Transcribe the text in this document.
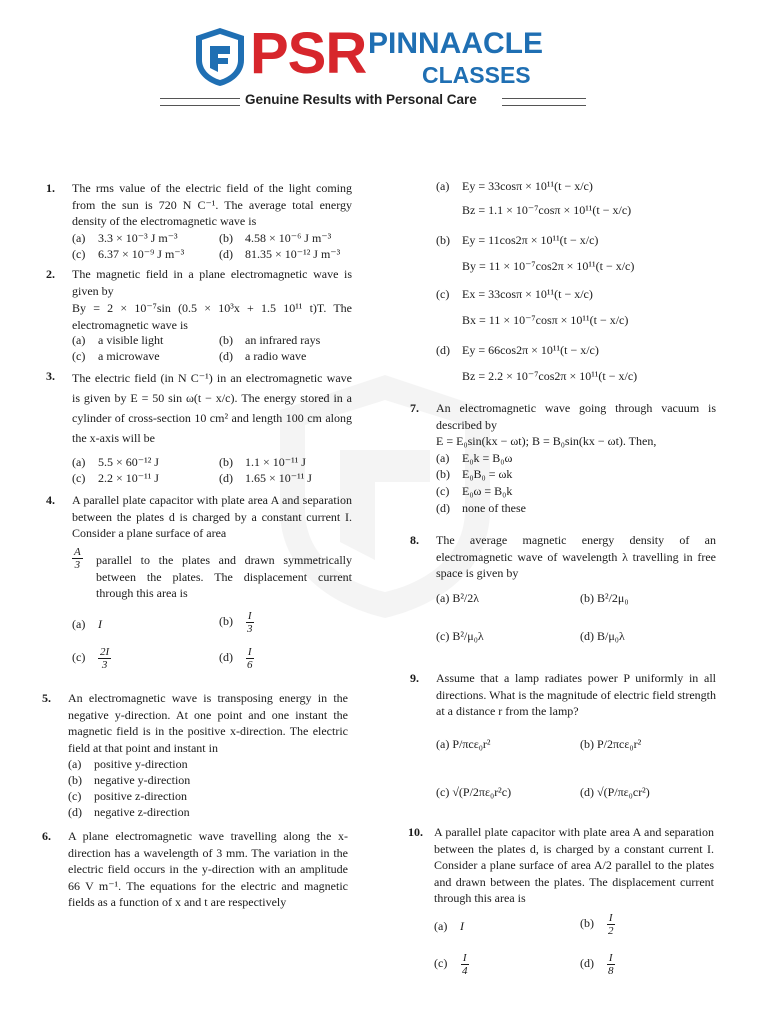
PSR PINNAACLE
CLASSES
Genuine Results with Personal Care
1.	The rms value of the electric field of the light coming from the sun is 720 N C⁻¹. The average total energy density of the electromagnetic wave is
(a) 3.3 × 10⁻³ J m⁻³	(b) 4.58 × 10⁻⁶ J m⁻³
(c) 6.37 × 10⁻⁹ J m⁻³	(d) 81.35 × 10⁻¹² J m⁻³
2.	The magnetic field in a plane electromagnetic wave is given by
By = 2 × 10⁻⁷sin (0.5 × 10³x + 1.5 10¹¹ t)T. The electromagnetic wave is
(a) a visible light	(b) an infrared rays
(c) a microwave	(d) a radio wave
3.	The electric field (in N C⁻¹) in an electromagnetic wave is given by E = 50 sin ω(t − x/c). The energy stored in a cylinder of cross-section 10 cm² and length 100 cm along the x-axis will be
(a) 5.5 × 60⁻¹² J	(b) 1.1 × 10⁻¹¹ J
(c) 2.2 × 10⁻¹¹ J	(d) 1.65 × 10⁻¹¹ J
4.	A parallel plate capacitor with plate area A and separation between the plates d is charged by a constant current I. Consider a plane surface of area
$\frac{A}{3}$ parallel to the plates and drawn symmetrically between the plates. The displacement current through this area is
(a) I	$(b) \frac{I}{3}$
$(c) \frac{2I}{3}$	$(d) \frac{I}{6}$
5.	An electromagnetic wave is transposing energy in the negative y-direction. At one point and one instant the magnetic field is in the positive x-direction. The electric field at that point and instant in
(a) positive y-direction
(b) negative y-direction
(c) positive z-direction
(d) negative z-direction
6.	A plane electromagnetic wave travelling along the x-direction has a wavelength of 3 mm. The variation in the electric field occurs in the y-direction with an amplitude 66 V m⁻¹. The equations for the electric and magnetic fields as a function of x and t are respectively
(a) Ey = 33cosπ × 10¹¹(t − x/c)
Bz = 1.1 × 10⁻⁷cosπ × 10¹¹(t − x/c)
(b) Ey = 11cos2π × 10¹¹(t − x/c)
By = 11 × 10⁻⁷cos2π × 10¹¹(t − x/c)
(c) Ex = 33cosπ × 10¹¹(t − x/c)
Bx = 11 × 10⁻⁷cosπ × 10¹¹(t − x/c)
(d) Ey = 66cos2π × 10¹¹(t − x/c)
Bz = 2.2 × 10⁻⁷cos2π × 10¹¹(t − x/c)
7.	An electromagnetic wave going through vacuum is described by
E = E₀sin(kx − ωt); B = B₀sin(kx − ωt). Then,
(a) E₀k = B₀ω
(b) E₀B₀ = ωk
(c) E₀ω = B₀k
(d) none of these
8.	The average magnetic energy density of an electromagnetic wave of wavelength λ travelling in free space is given by
(a) B²/2λ	(b) B²/2μ₀
(c) B²/μ₀λ	(d) B/μ₀λ
9.	Assume that a lamp radiates power P uniformly in all directions. What is the magnitude of electric field strength at a distance r from the lamp?
(a) P/πcε₀r²	(b) P/2πcε₀r²
(c) √(P/2πε₀r²c)	(d) √(P/πε₀cr²)
10. A parallel plate capacitor with plate area A and separation between the plates d, is charged by a constant current I. Consider a plane surface of area A/2 parallel to the plates and drawn between the plates. The displacement current through this area is
(a) I	$(b) \frac{I}{2}$
$(c) \frac{I}{4}$	$(d) \frac{I}{8}$
